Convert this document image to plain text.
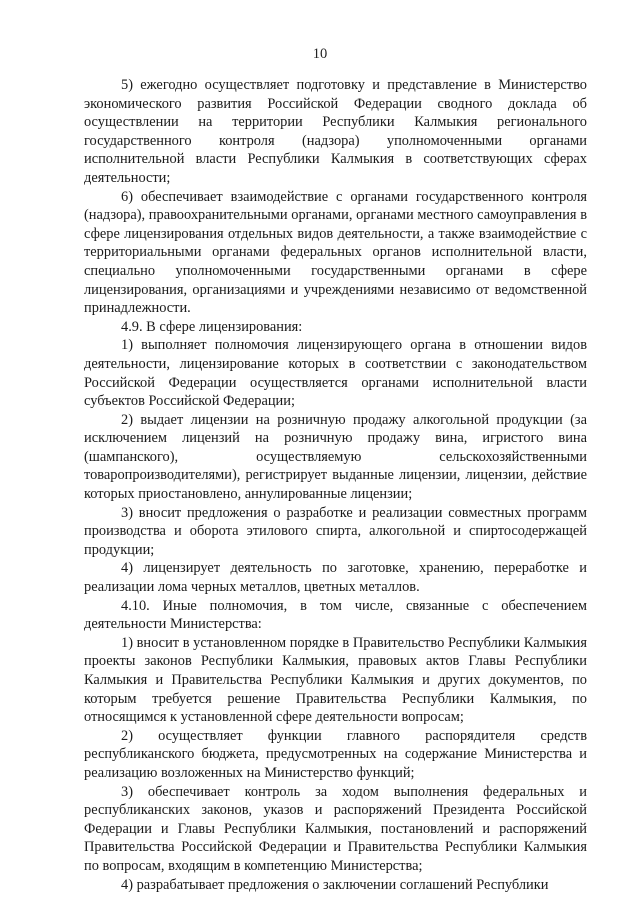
10

5) ежегодно осуществляет подготовку и представление в Министерство экономического развития Российской Федерации сводного доклада об осуществлении на территории Республики Калмыкия регионального государственного контроля (надзора) уполномоченными органами исполнительной власти Республики Калмыкия в соответствующих сферах деятельности;

6) обеспечивает взаимодействие с органами государственного контроля (надзора), правоохранительными органами, органами местного самоуправления в сфере лицензирования отдельных видов деятельности, а также взаимодействие с территориальными органами федеральных органов исполнительной власти, специально уполномоченными государственными органами в сфере лицензирования, организациями и учреждениями независимо от ведомственной принадлежности.

4.9. В сфере лицензирования:

1) выполняет полномочия лицензирующего органа в отношении видов деятельности, лицензирование которых в соответствии с законодательством Российской Федерации осуществляется органами исполнительной власти субъектов Российской Федерации;

2) выдает лицензии на розничную продажу алкогольной продукции (за исключением лицензий на розничную продажу вина, игристого вина (шампанского), осуществляемую сельскохозяйственными товаропроизводителями), регистрирует выданные лицензии, лицензии, действие которых приостановлено, аннулированные лицензии;

3) вносит предложения о разработке и реализации совместных программ производства и оборота этилового спирта, алкогольной и спиртосодержащей продукции;

4) лицензирует деятельность по заготовке, хранению, переработке и реализации лома черных металлов, цветных металлов.

4.10. Иные полномочия, в том числе, связанные с обеспечением деятельности Министерства:

1) вносит в установленном порядке в Правительство Республики Калмыкия проекты законов Республики Калмыкия, правовых актов Главы Республики Калмыкия и Правительства Республики Калмыкия и других документов, по которым требуется решение Правительства Республики Калмыкия, по относящимся к установленной сфере деятельности вопросам;

2) осуществляет функции главного распорядителя средств республиканского бюджета, предусмотренных на содержание Министерства и реализацию возложенных на Министерство функций;

3) обеспечивает контроль за ходом выполнения федеральных и республиканских законов, указов и распоряжений Президента Российской Федерации и Главы Республики Калмыкия, постановлений и распоряжений Правительства Российской Федерации и Правительства Республики Калмыкия по вопросам, входящим в компетенцию Министерства;

4) разрабатывает предложения о заключении соглашений Республики
